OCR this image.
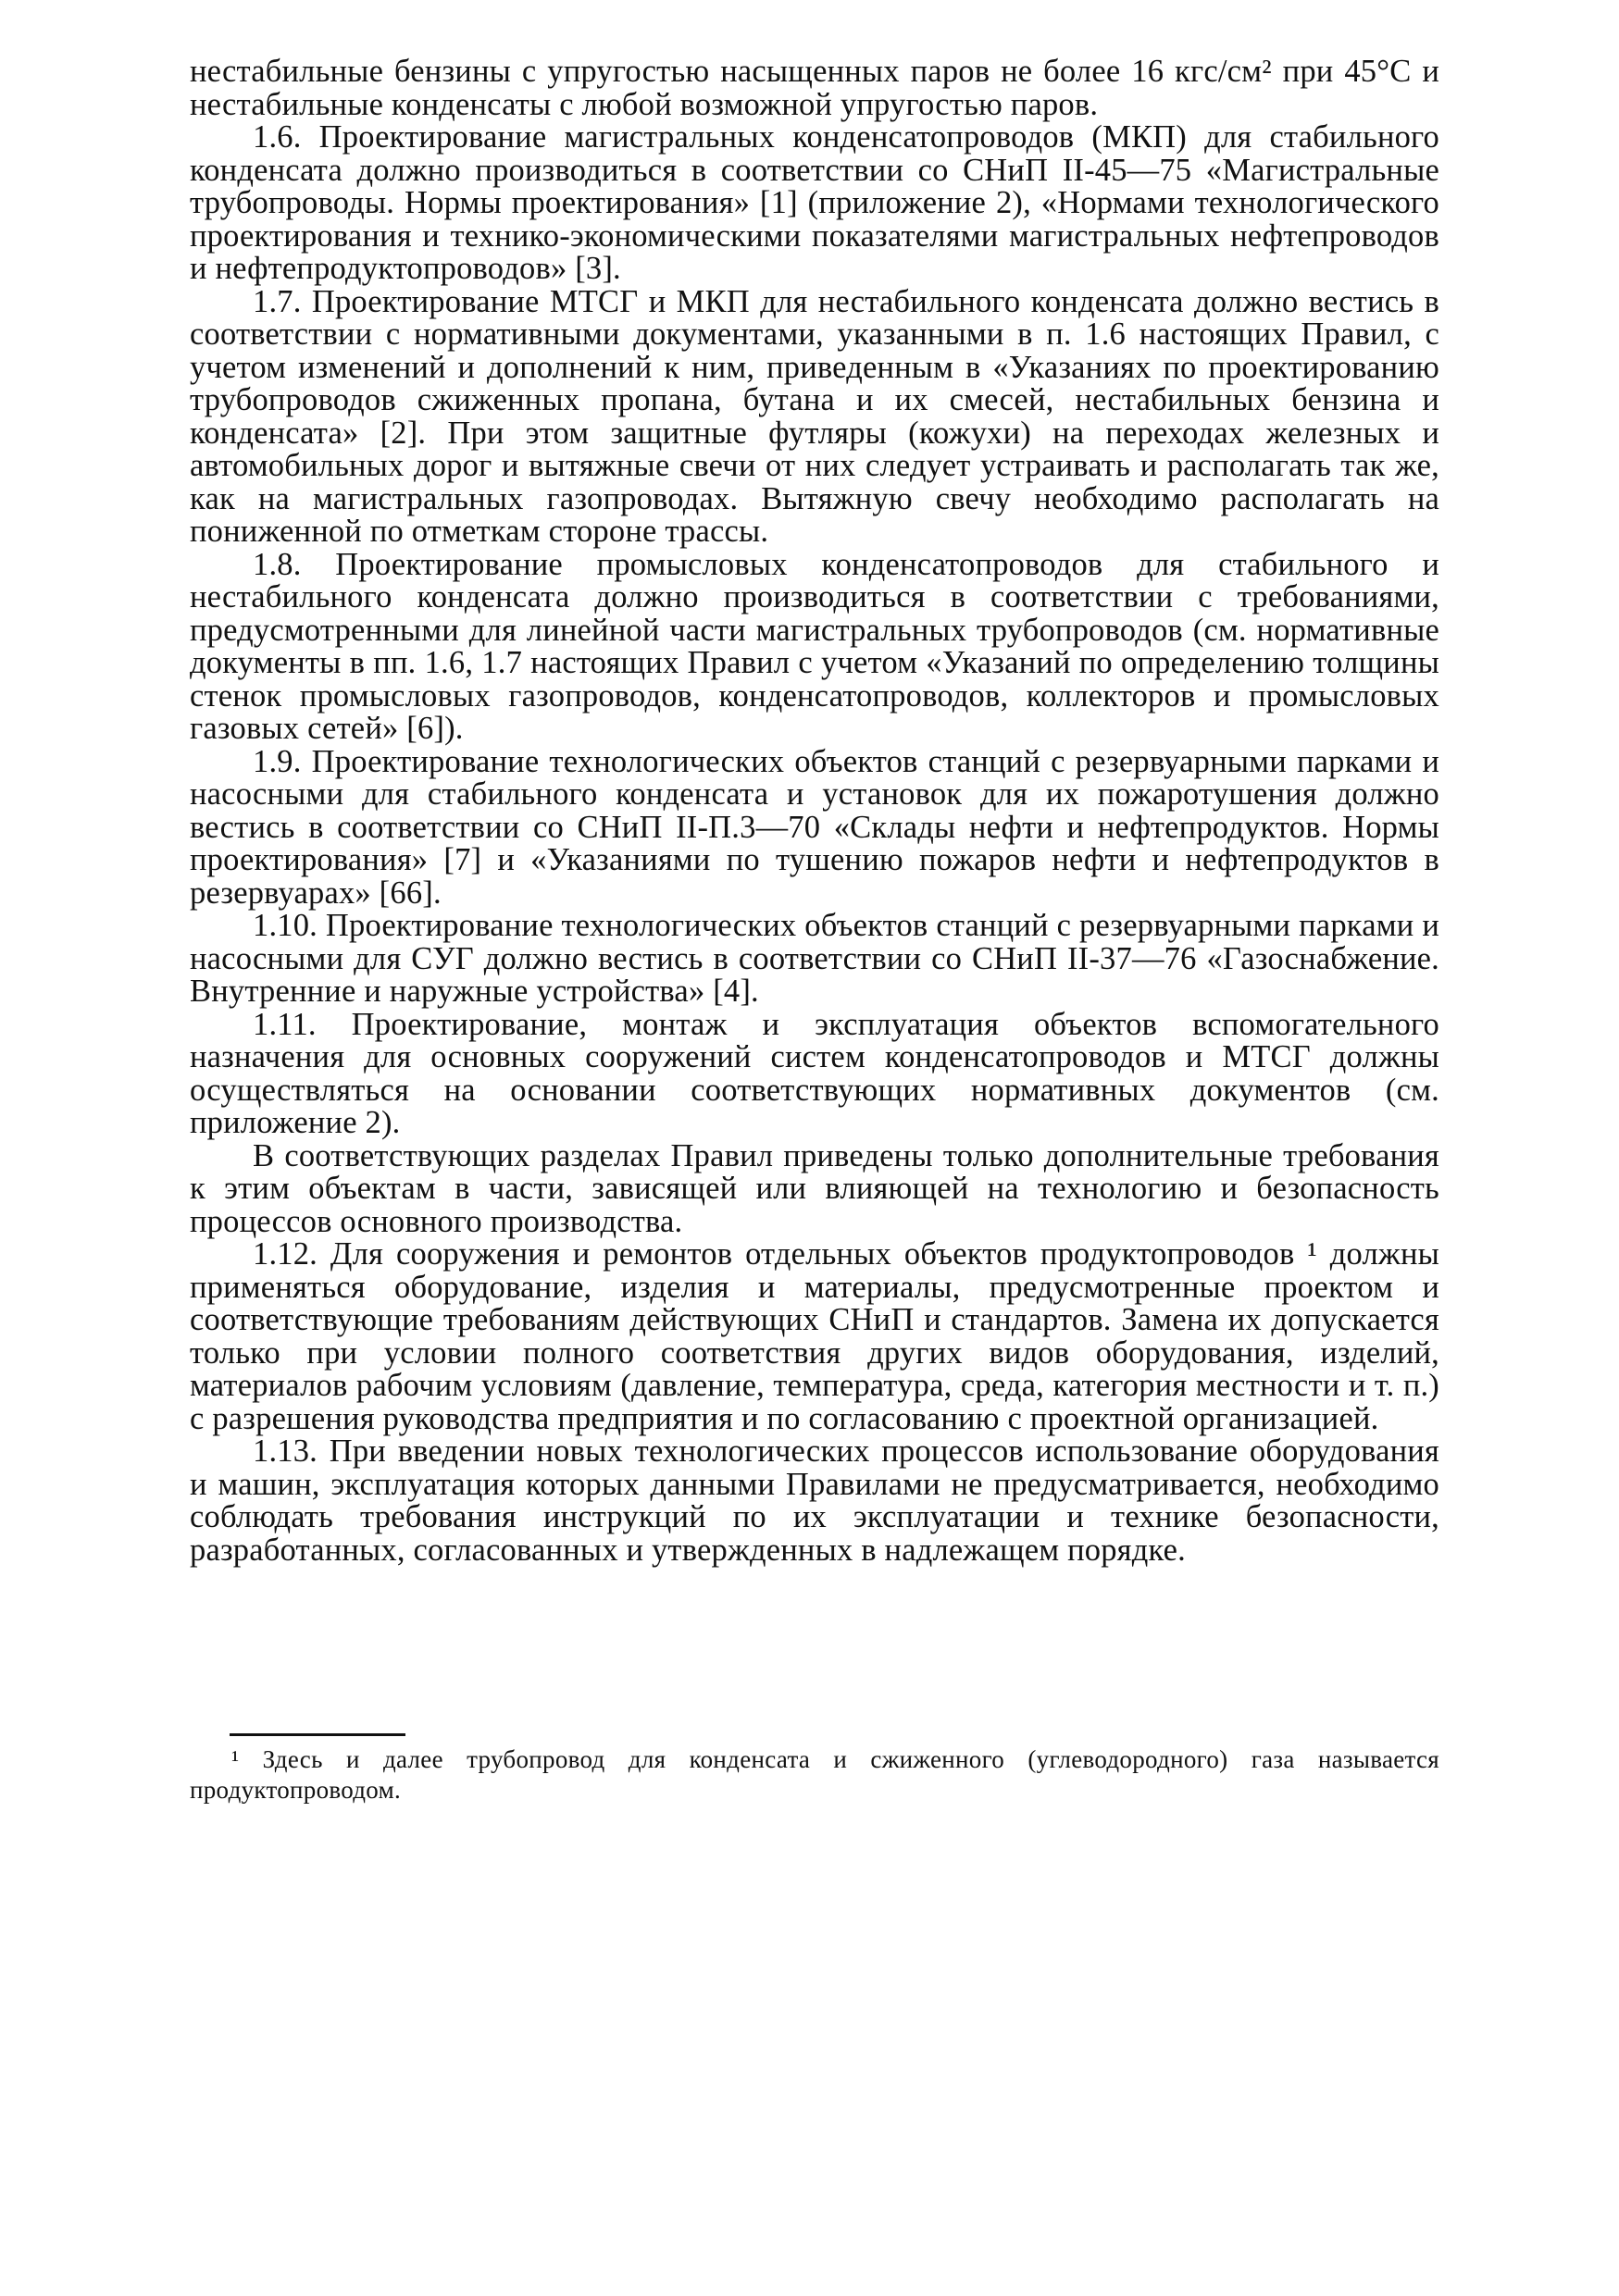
нестабильные бензины с упругостью насыщенных паров не более 16 кгс/см² при 45°С и нестабильные конденсаты с любой возможной упругостью паров.

1.6. Проектирование магистральных конденсатопроводов (МКП) для стабильного конденсата должно производиться в соответствии со СНиП II-45—75 «Магистральные трубопроводы. Нормы проектирования» [1] (приложение 2), «Нормами технологического проектирования и технико-экономическими показателями магистральных нефтепроводов и нефтепродуктопроводов» [3].

1.7. Проектирование МТСГ и МКП для нестабильного конденсата должно вестись в соответствии с нормативными документами, указанными в п. 1.6 настоящих Правил, с учетом изменений и дополнений к ним, приведенным в «Указаниях по проектированию трубопроводов сжиженных пропана, бутана и их смесей, нестабильных бензина и конденсата» [2]. При этом защитные футляры (кожухи) на переходах железных и автомобильных дорог и вытяжные свечи от них следует устраивать и располагать так же, как на магистральных газопроводах. Вытяжную свечу необходимо располагать на пониженной по отметкам стороне трассы.

1.8. Проектирование промысловых конденсатопроводов для стабильного и нестабильного конденсата должно производиться в соответствии с требованиями, предусмотренными для линейной части магистральных трубопроводов (см. нормативные документы в пп. 1.6, 1.7 настоящих Правил с учетом «Указаний по определению толщины стенок промысловых газопроводов, конденсатопроводов, коллекторов и промысловых газовых сетей» [6]).

1.9. Проектирование технологических объектов станций с резервуарными парками и насосными для стабильного конденсата и установок для их пожаротушения должно вестись в соответствии со СНиП II-П.3—70 «Склады нефти и нефтепродуктов. Нормы проектирования» [7] и «Указаниями по тушению пожаров нефти и нефтепродуктов в резервуарах» [66].

1.10. Проектирование технологических объектов станций с резервуарными парками и насосными для СУГ должно вестись в соответствии со СНиП II-37—76 «Газоснабжение. Внутренние и наружные устройства» [4].

1.11. Проектирование, монтаж и эксплуатация объектов вспомогательного назначения для основных сооружений систем конденсатопроводов и МТСГ должны осуществляться на основании соответствующих нормативных документов (см. приложение 2).

В соответствующих разделах Правил приведены только дополнительные требования к этим объектам в части, зависящей или влияющей на технологию и безопасность процессов основного производства.

1.12. Для сооружения и ремонтов отдельных объектов продуктопроводов ¹ должны применяться оборудование, изделия и материалы, предусмотренные проектом и соответствующие требованиям действующих СНиП и стандартов. Замена их допускается только при условии полного соответствия других видов оборудования, изделий, материалов рабочим условиям (давление, температура, среда, категория местности и т. п.) с разрешения руководства предприятия и по согласованию с проектной организацией.

1.13. При введении новых технологических процессов использование оборудования и машин, эксплуатация которых данными Правилами не предусматривается, необходимо соблюдать требования инструкций по их эксплуатации и технике безопасности, разработанных, согласованных и утвержденных в надлежащем порядке.

¹ Здесь и далее трубопровод для конденсата и сжиженного (углеводородного) газа называется продуктопроводом.
